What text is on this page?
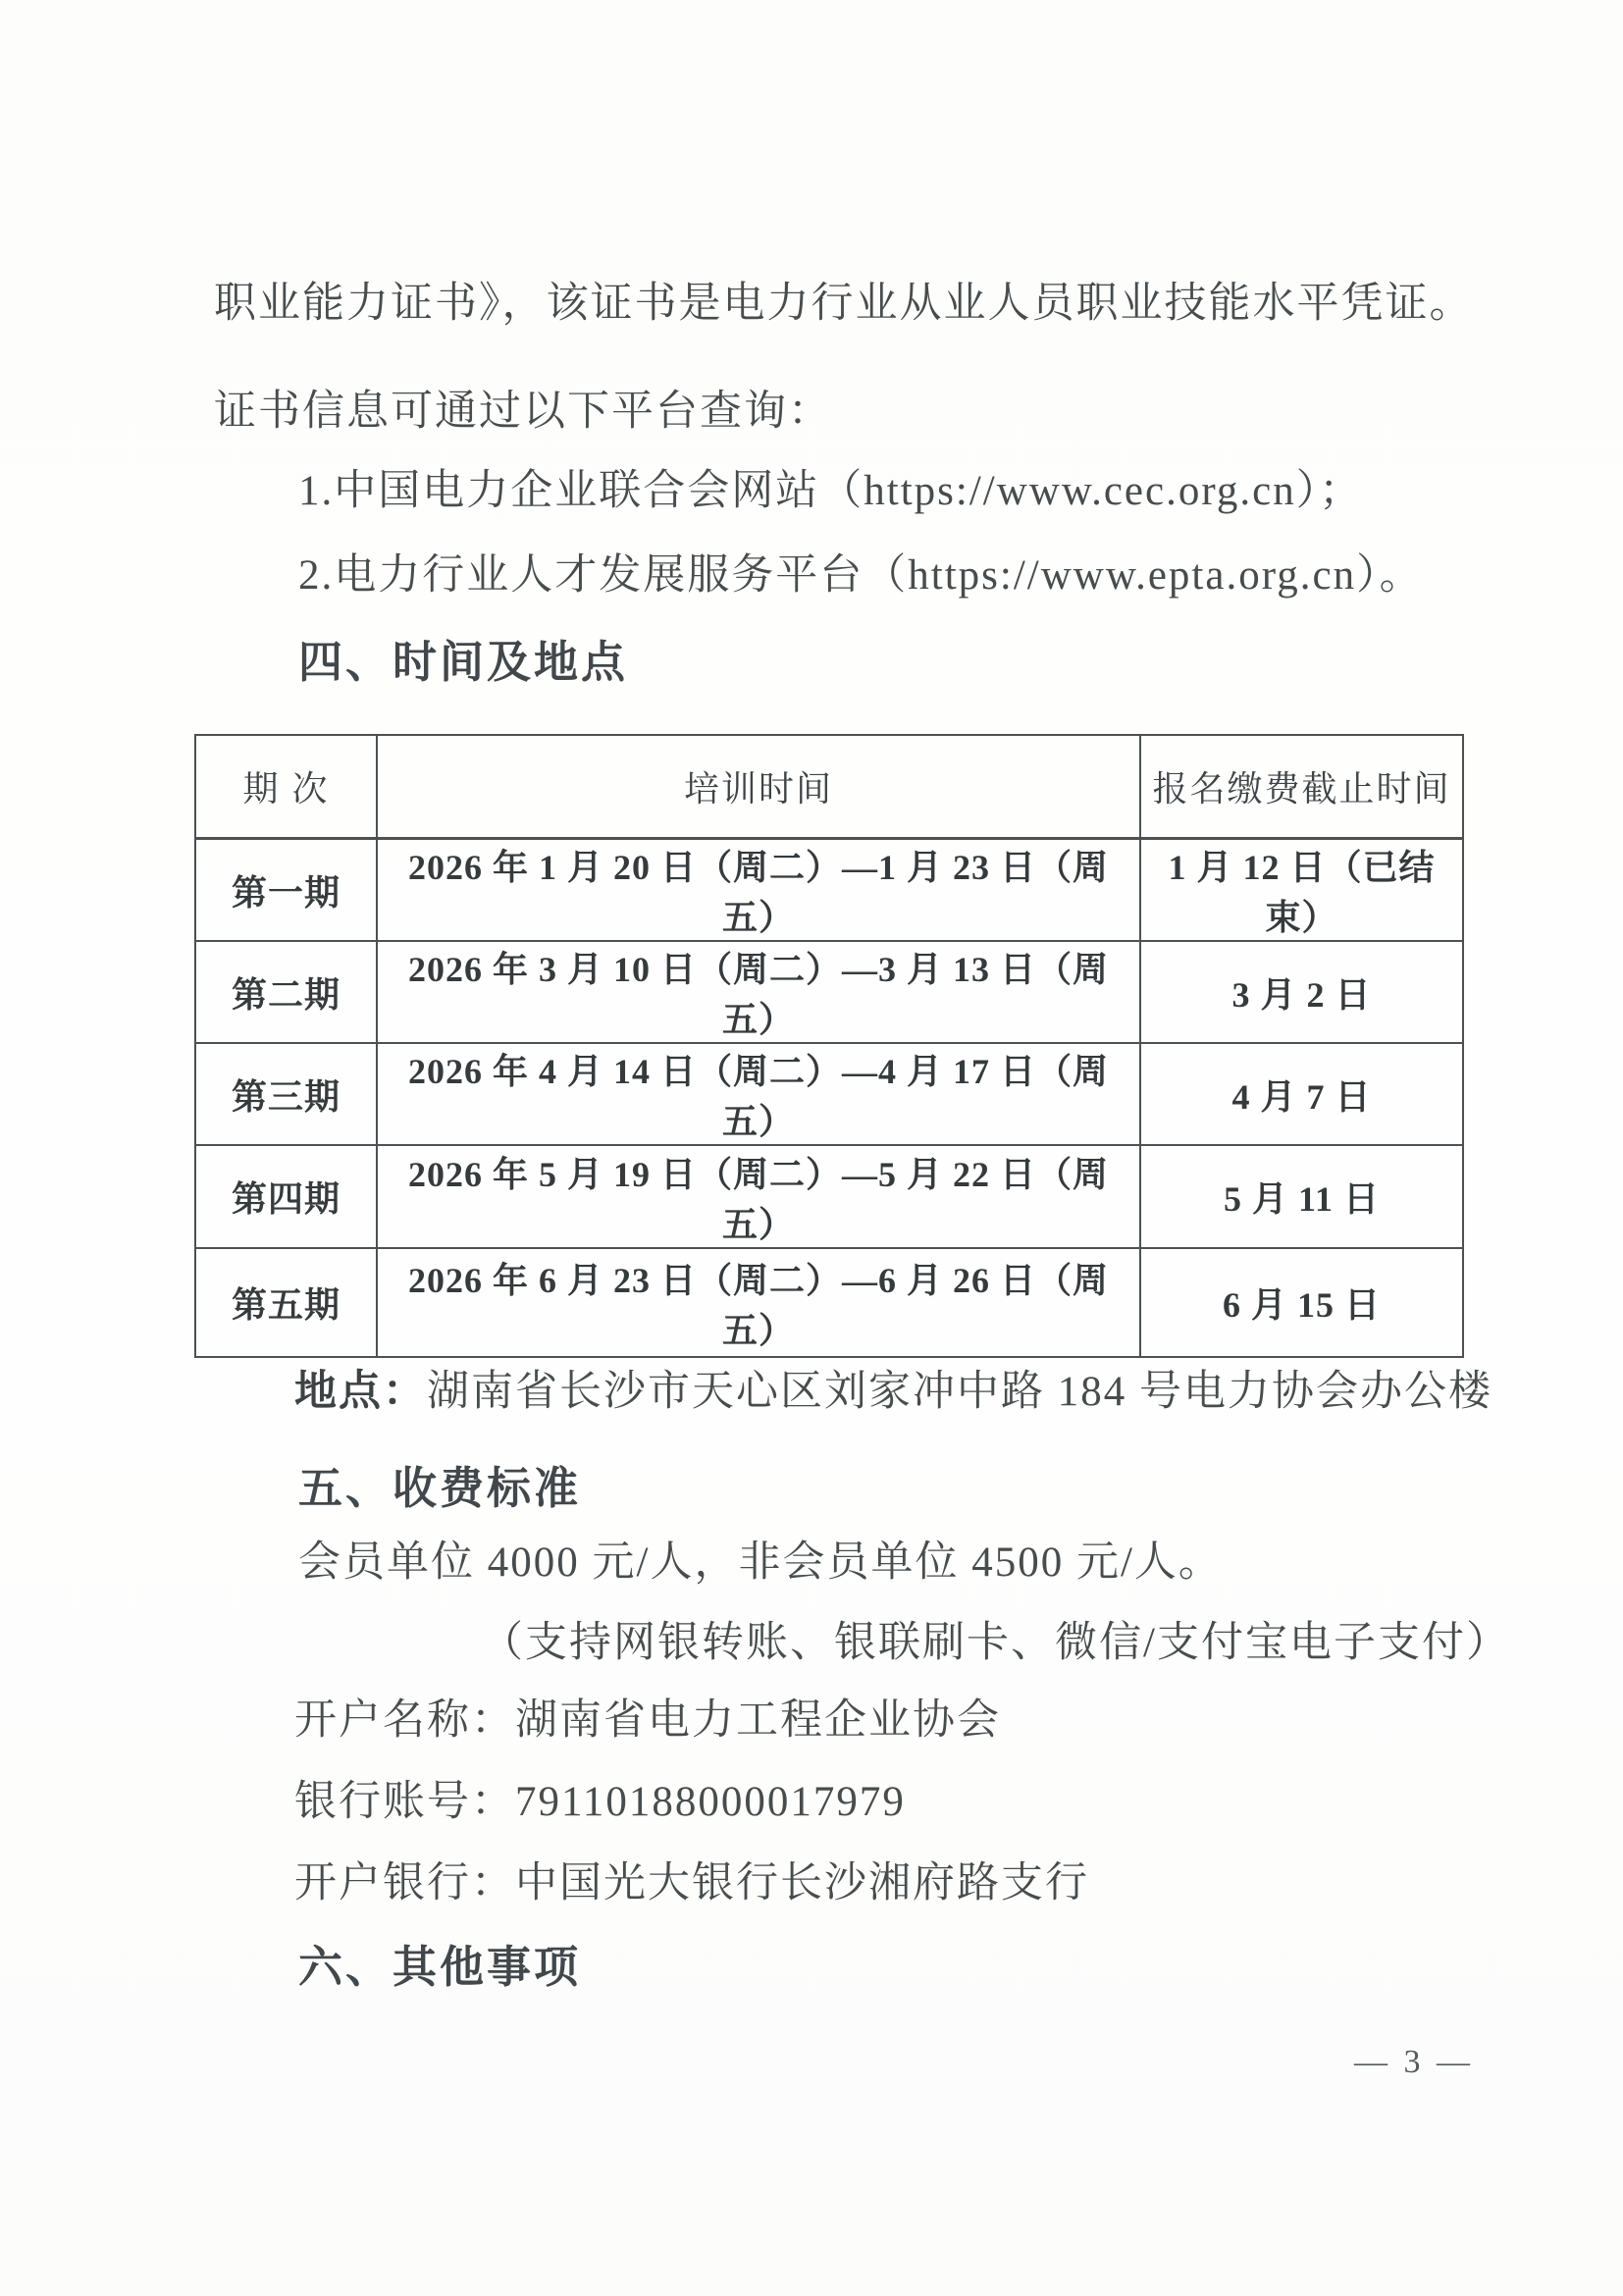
职业能力证书》，该证书是电力行业从业人员职业技能水平凭证。
证书信息可通过以下平台查询：
1.中国电力企业联合会网站（https://www.cec.org.cn）；
2.电力行业人才发展服务平台（https://www.epta.org.cn）。
四、时间及地点
期 次	培训时间	报名缴费截止时间
第一期	2026 年 1 月 20 日（周二）—1 月 23 日（周五）	1 月 12 日（已结束）
第二期	2026 年 3 月 10 日（周二）—3 月 13 日（周五）	3 月 2 日
第三期	2026 年 4 月 14 日（周二）—4 月 17 日（周五）	4 月 7 日
第四期	2026 年 5 月 19 日（周二）—5 月 22 日（周五）	5 月 11 日
第五期	2026 年 6 月 23 日（周二）—6 月 26 日（周五）	6 月 15 日
地点：湖南省长沙市天心区刘家冲中路 184 号电力协会办公楼
五、收费标准
会员单位 4000 元/人，非会员单位 4500 元/人。
（支持网银转账、银联刷卡、微信/支付宝电子支付）
开户名称：湖南省电力工程企业协会
银行账号：79110188000017979
开户银行：中国光大银行长沙湘府路支行
六、其他事项
— 3 —
